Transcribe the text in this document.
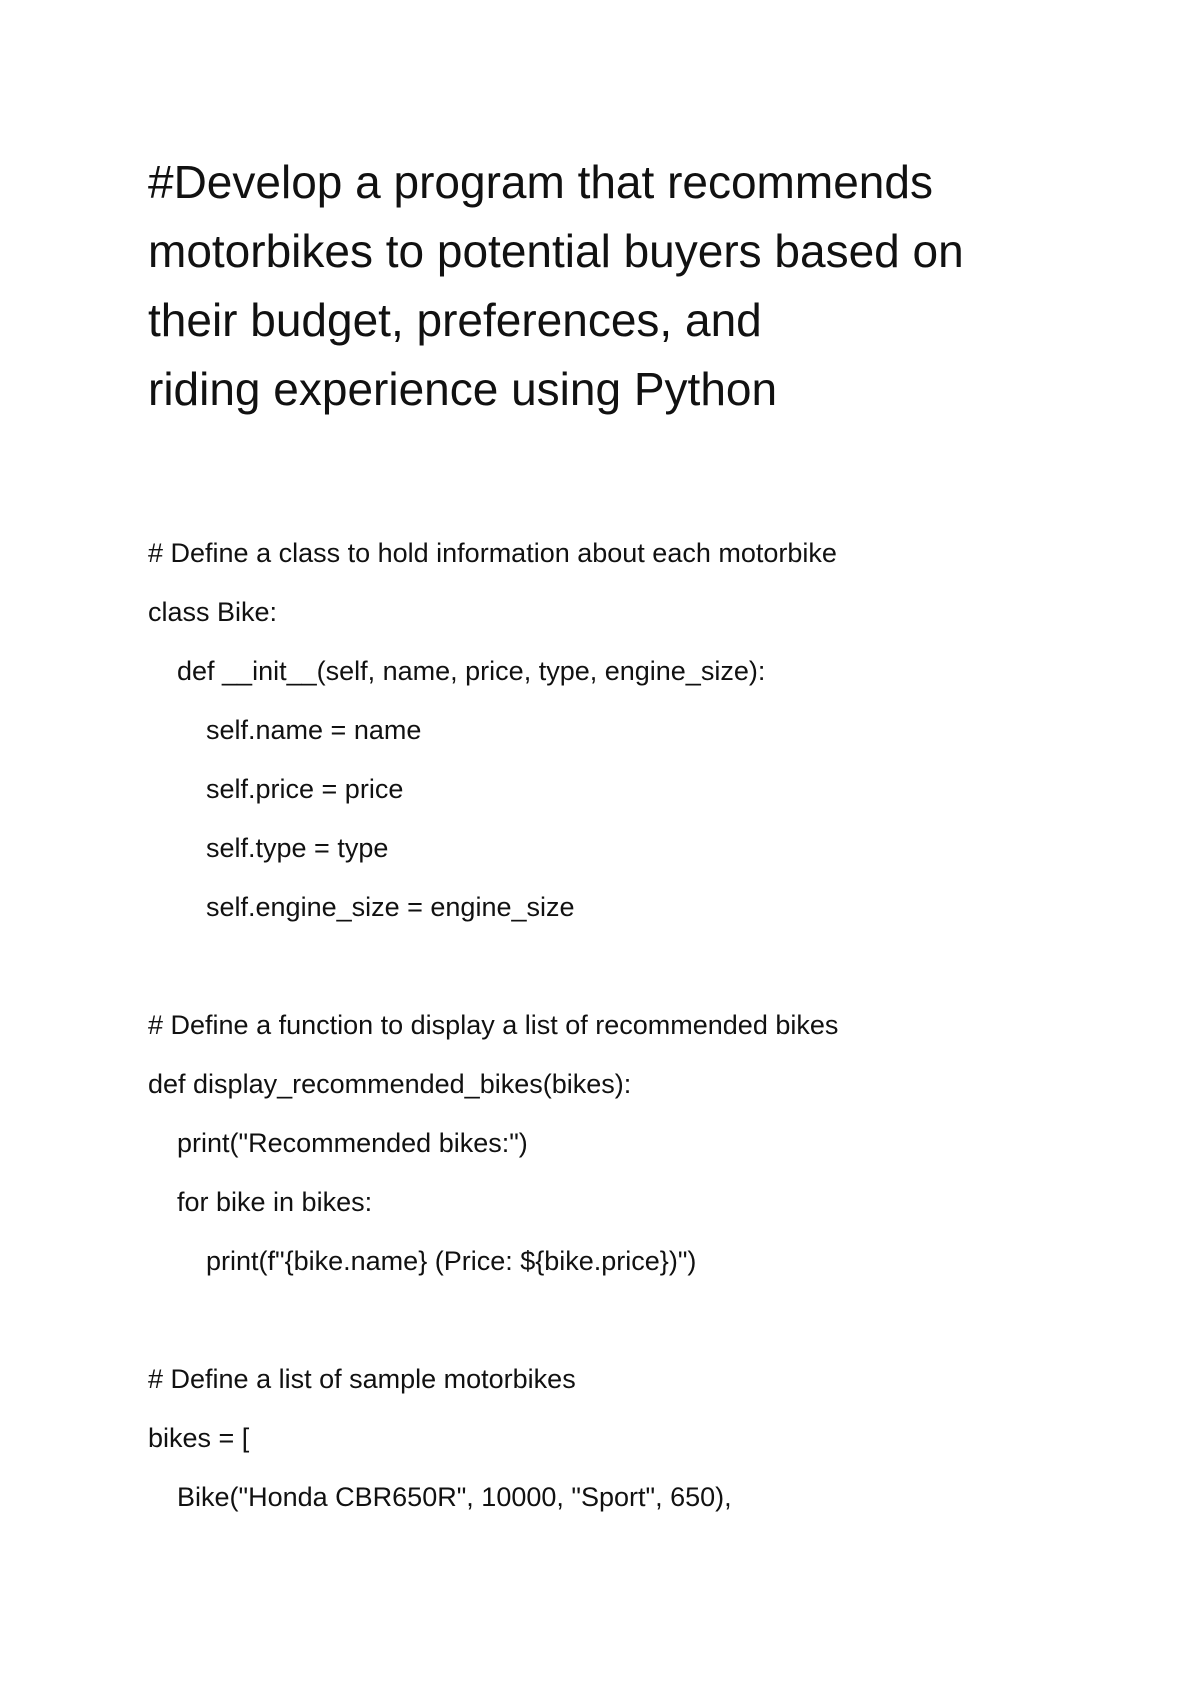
#Develop a program that recommends
motorbikes to potential buyers based on
their budget, preferences, and
riding experience using Python
# Define a class to hold information about each motorbike
class Bike:
def __init__(self, name, price, type, engine_size):
self.name = name
self.price = price
self.type = type
self.engine_size = engine_size
# Define a function to display a list of recommended bikes
def display_recommended_bikes(bikes):
print("Recommended bikes:")
for bike in bikes:
print(f"{bike.name} (Price: ${bike.price})")
# Define a list of sample motorbikes
bikes = [
Bike("Honda CBR650R", 10000, "Sport", 650),
